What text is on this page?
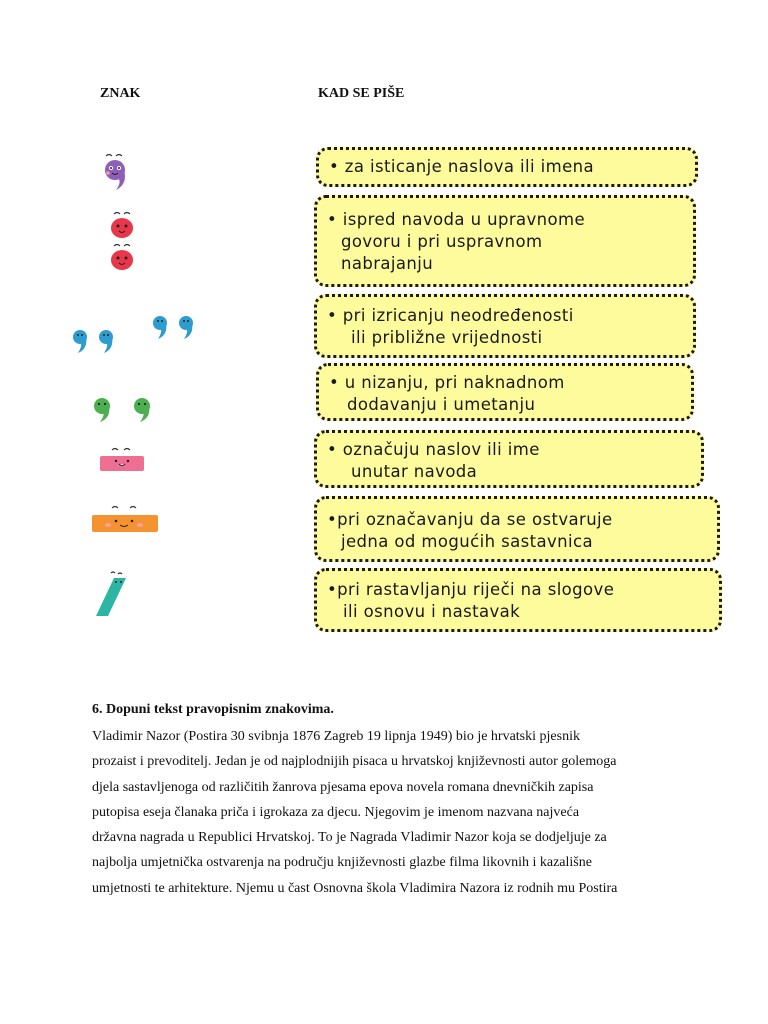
ZNAK	KAD SE PIŠE
• za isticanje naslova ili imena
• ispred navoda u upravnome
govoru i pri uspravnom
nabrajanju
• pri izricanju neodređenosti
ili približne vrijednosti
• u nizanju, pri naknadnom
dodavanju i umetanju
• označuju naslov ili ime
unutar navoda
•pri označavanju da se ostvaruje
jedna od mogućih sastavnica
•pri rastavljanju riječi na slogove
ili osnovu i nastavak
6. Dopuni tekst pravopisnim znakovima.
Vladimir Nazor (Postira 30 svibnja 1876 Zagreb 19 lipnja 1949) bio je hrvatski pjesnik
prozaist i prevoditelj. Jedan je od najplodnijih pisaca u hrvatskoj književnosti autor golemoga
djela sastavljenoga od različitih žanrova pjesama epova novela romana dnevničkih zapisa
putopisa eseja članaka priča i igrokaza za djecu. Njegovim je imenom nazvana najveća
državna nagrada u Republici Hrvatskoj. To je Nagrada Vladimir Nazor koja se dodjeljuje za
najbolja umjetnička ostvarenja na području književnosti glazbe filma likovnih i kazališne
umjetnosti te arhitekture. Njemu u čast Osnovna škola Vladimira Nazora iz rodnih mu Postira
